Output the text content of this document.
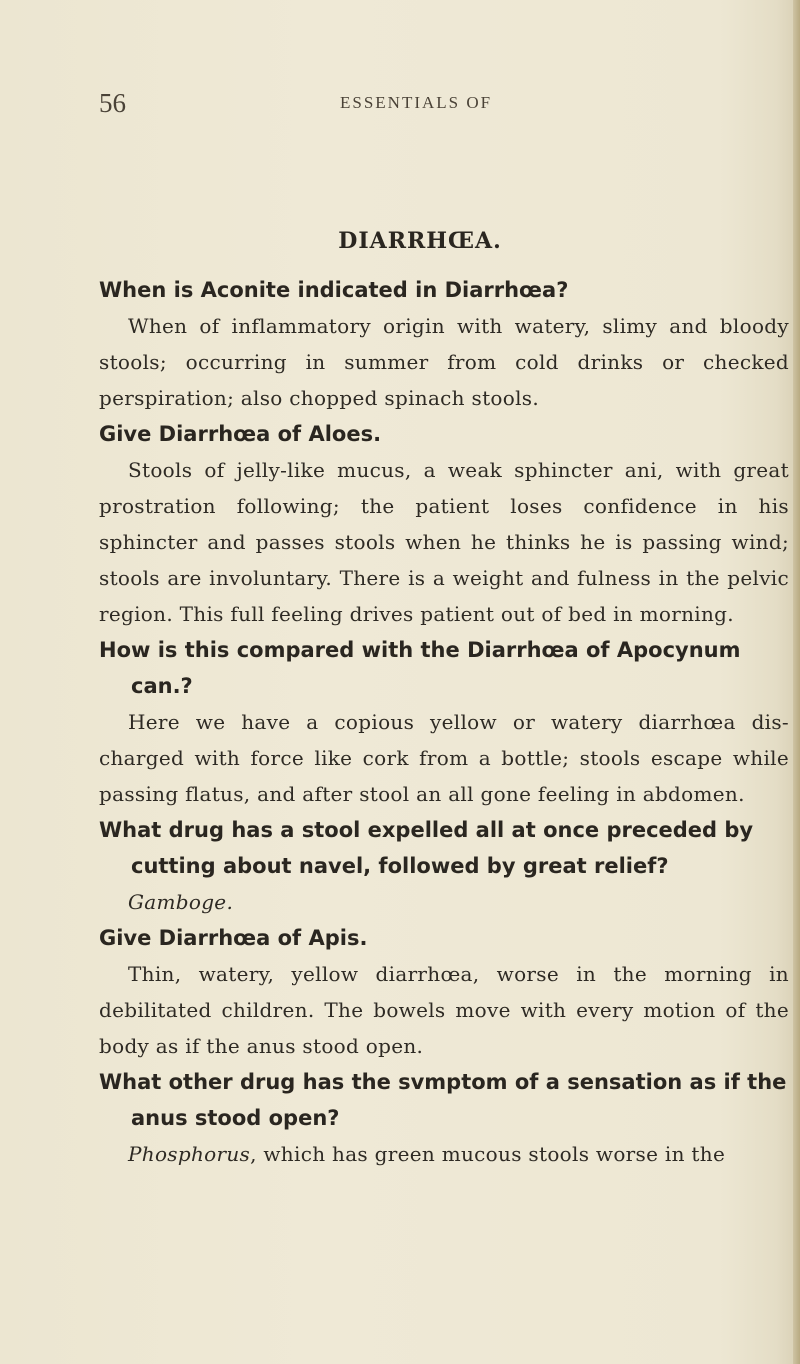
56	ESSENTIALS OF
DIARRHŒA.

When is Aconite indicated in Diarrhœa?

When of inflammatory origin with watery, slimy and bloody stools; occurring in summer from cold drinks or checked perspiration; also chopped spinach stools.

Give Diarrhœa of Aloes.

Stools of jelly-like mucus, a weak sphincter ani, with great prostration following; the patient loses confidence in his sphincter and passes stools when he thinks he is passing wind; stools are involuntary. There is a weight and fulness in the pelvic region. This full feeling drives patient out of bed in morning.

How is this compared with the Diarrhœa of Apocynum can.?

Here we have a copious yellow or watery diarrhœa dis-charged with force like cork from a bottle; stools escape while passing flatus, and after stool an all gone feeling in abdomen.

What drug has a stool expelled all at once preceded by cutting about navel, followed by great relief?

Gamboge.

Give Diarrhœa of Apis.

Thin, watery, yellow diarrhœa, worse in the morning in debilitated children. The bowels move with every motion of the body as if the anus stood open.

What other drug has the svmptom of a sensation as if the anus stood open?

Phosphorus, which has green mucous stools worse in the
